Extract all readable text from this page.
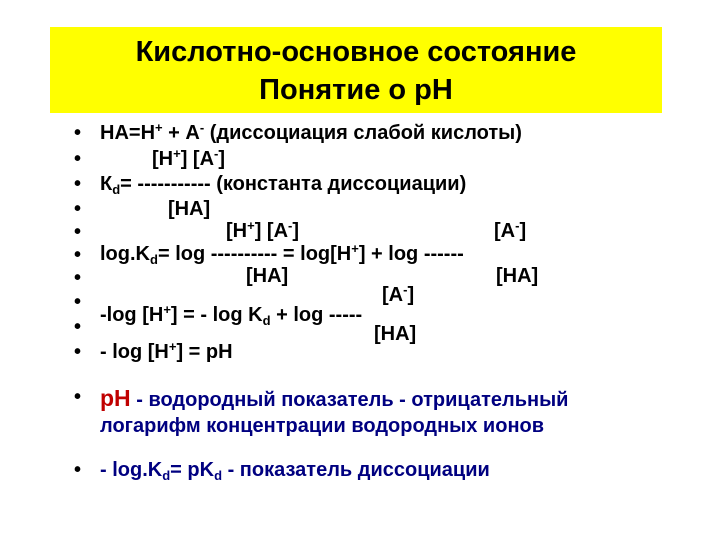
Кислотно-основное состояние
Понятие о рН
•
•
•
•
•
•
•
•
•
•
•
•
НА=Н+ + А- (диссоциация слабой кислоты)
[Н+] [А-]
$К_d=$ ----------- (константа диссоциации)
[НА]
[Н+] [А-]	[А-]
$\log.K_d= \log$ ---------- = log[H+] + log ------
[НА]	[НА]
[А-]
-log [H+] = - $\log K_d + \log$ -----
[НА]
- log [H+] = рН
рН - водородный показатель - отрицательный
логарифм концентрации водородных ионов
- $\log.K_d= pK_d$ - показатель диссоциации
